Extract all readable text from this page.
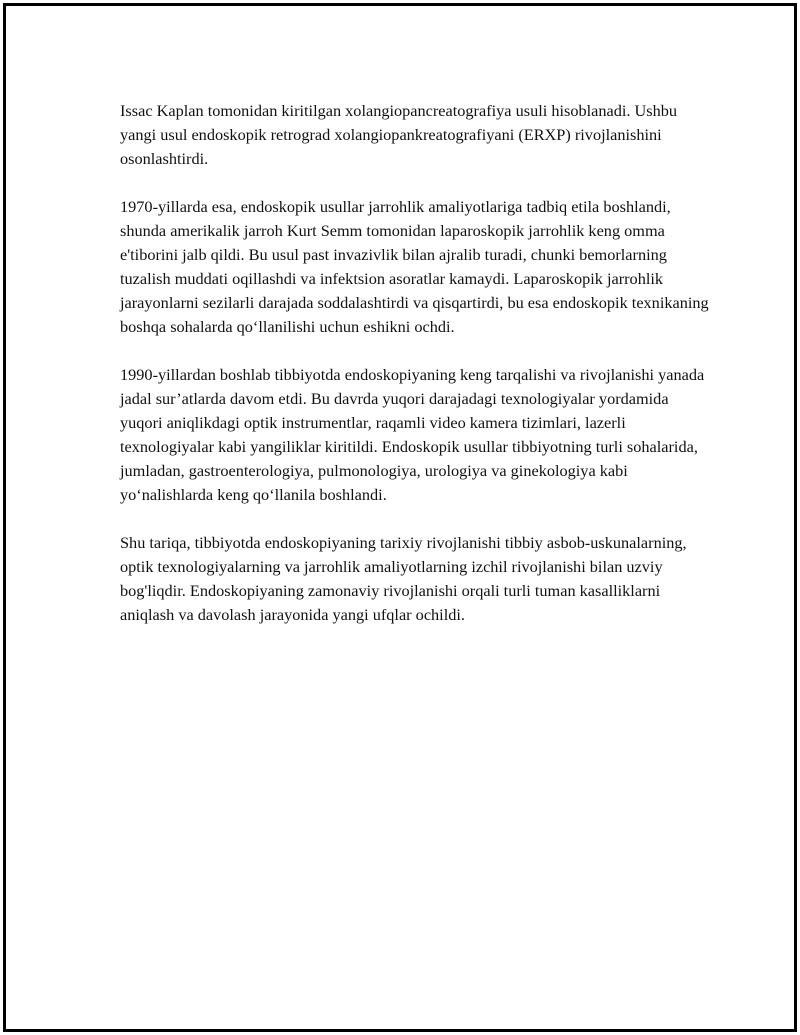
Issac Kaplan tomonidan kiritilgan xolangiopancreatografiya usuli hisoblanadi. Ushbu yangi usul endoskopik retrograd xolangiopankreatografiyani (ERXP) rivojlanishini osonlashtirdi.

1970-yillarda esa, endoskopik usullar jarrohlik amaliyotlariga tadbiq etila boshlandi, shunda amerikalik jarroh Kurt Semm tomonidan laparoskopik jarrohlik keng omma e'tiborini jalb qildi. Bu usul past invazivlik bilan ajralib turadi, chunki bemorlarning tuzalish muddati oqillashdi va infektsion asoratlar kamaydi. Laparoskopik jarrohlik jarayonlarni sezilarli darajada soddalashtirdi va qisqartirdi, bu esa endoskopik texnikaning boshqa sohalarda qo‘llanilishi uchun eshikni ochdi.

1990-yillardan boshlab tibbiyotda endoskopiyaning keng tarqalishi va rivojlanishi yanada jadal sur’atlarda davom etdi. Bu davrda yuqori darajadagi texnologiyalar yordamida yuqori aniqlikdagi optik instrumentlar, raqamli video kamera tizimlari, lazerli texnologiyalar kabi yangiliklar kiritildi. Endoskopik usullar tibbiyotning turli sohalarida, jumladan, gastroenterologiya, pulmonologiya, urologiya va ginekologiya kabi yo‘nalishlarda keng qo‘llanila boshlandi.

Shu tariqa, tibbiyotda endoskopiyaning tarixiy rivojlanishi tibbiy asbob-uskunalarning, optik texnologiyalarning va jarrohlik amaliyotlarning izchil rivojlanishi bilan uzviy bog'liqdir. Endoskopiyaning zamonaviy rivojlanishi orqali turli tuman kasalliklarni aniqlash va davolash jarayonida yangi ufqlar ochildi.
